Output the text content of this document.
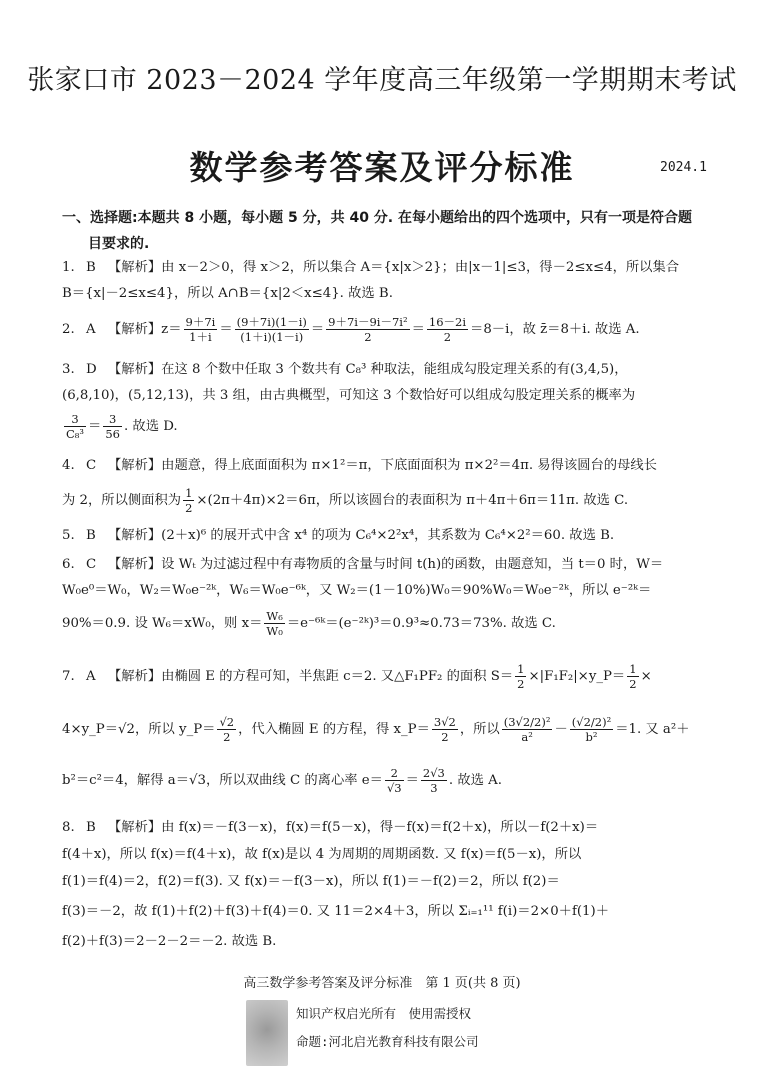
张家口市 2023－2024 学年度高三年级第一学期期末考试
数学参考答案及评分标准	2024.1
一、选择题:本题共 8 小题，每小题 5 分，共 40 分. 在每小题给出的四个选项中，只有一项是符合题
目要求的.
1. B 【解析】由 x－2＞0，得 x＞2，所以集合 A＝{x|x＞2}；由|x－1|≤3，得－2≤x≤4，所以集合
B＝{x|－2≤x≤4}，所以 A∩B＝{x|2＜x≤4}. 故选 B.
2. A 【解析】$z= \frac{9+7i}{1+i} = \frac{(9+7i)(1-i)}{(1+i)(1-i)} = \frac{\text{9＋7i－9i－7i²}}{2} = \frac{16-2i}{2} =8-i$，故 z̄＝8＋i. 故选 A.
3. D 【解析】在这 8 个数中任取 3 个数共有 C₈³ 种取法，能组成勾股定理关系的有(3,4,5)，
(6,8,10)，(5,12,13)，共 3 组，由古典概型，可知这 3 个数恰好可以组成勾股定理关系的概率为
$\frac{3}{\text{C₈³}} = \frac{3}{56}$ . 故选 D.
4. C 【解析】由题意，得上底面面积为 π×1²＝π，下底面面积为 π×2²＝4π. 易得该圆台的母线长
为 2，所以侧面积为 $\frac{1}{2} \times(2\pi+4\pi)\times 2=6\pi$，所以该圆台的表面积为 π＋4π＋6π＝11π. 故选 C.
5. B 【解析】(2＋x)⁶ 的展开式中含 x⁴ 的项为 C₆⁴×2²x⁴，其系数为 C₆⁴×2²＝60. 故选 B.
6. C 【解析】设 Wₜ 为过滤过程中有毒物质的含量与时间 t(h)的函数，由题意知，当 t＝0 时，W＝
W₀e⁰＝W₀，W₂＝W₀e⁻²ᵏ，W₆＝W₀e⁻⁶ᵏ，又 W₂＝(1－10%)W₀＝90%W₀＝W₀e⁻²ᵏ，所以 e⁻²ᵏ＝
90%＝0.9. 设 W₆＝xW₀，则 $x= \frac{\text{W₆}}{\text{W₀}}$ ＝e⁻⁶ᵏ＝(e⁻²ᵏ)³＝0.9³≈0.73＝73%. 故选 C.
7. A 【解析】由椭圆 E 的方程可知，半焦距 c＝2. 又△F₁PF₂ 的面积 $S= \frac{1}{2}$ ×|F₁F₂|×y_P＝ $\frac{1}{2}$ ×
4×y_P＝√2，所以 y_P＝ $\frac{√2}{2}$ ，代入椭圆 E 的方程，得 x_P＝ $\frac{3√2}{2}$ ，所以 $\frac{\text{(3√2/2)²}}{\text{a²}} - \frac{\text{(√2/2)²}}{\text{b²}} =1$. 又 a²＋
b²＝c²＝4，解得 a＝√3，所以双曲线 C 的离心率 $e= \frac{2}{√3} = \frac{2√3}{3}$ . 故选 A.
8. B 【解析】由 f(x)＝－f(3－x)，f(x)＝f(5－x)，得－f(x)＝f(2＋x)，所以－f(2＋x)＝
f(4＋x)，所以 f(x)＝f(4＋x)，故 f(x)是以 4 为周期的周期函数. 又 f(x)＝f(5－x)，所以
f(1)＝f(4)＝2，f(2)＝f(3). 又 f(x)＝－f(3－x)，所以 f(1)＝－f(2)＝2，所以 f(2)＝
f(3)＝－2，故 f(1)＋f(2)＋f(3)＋f(4)＝0. 又 11＝2×4＋3，所以 Σᵢ₌₁¹¹ f(i)＝2×0＋f(1)＋
f(2)＋f(3)＝2－2－2＝－2. 故选 B.
高三数学参考答案及评分标准　第 1 页(共 8 页)
知识产权启光所有　使用需授权
命题:河北启光教育科技有限公司
